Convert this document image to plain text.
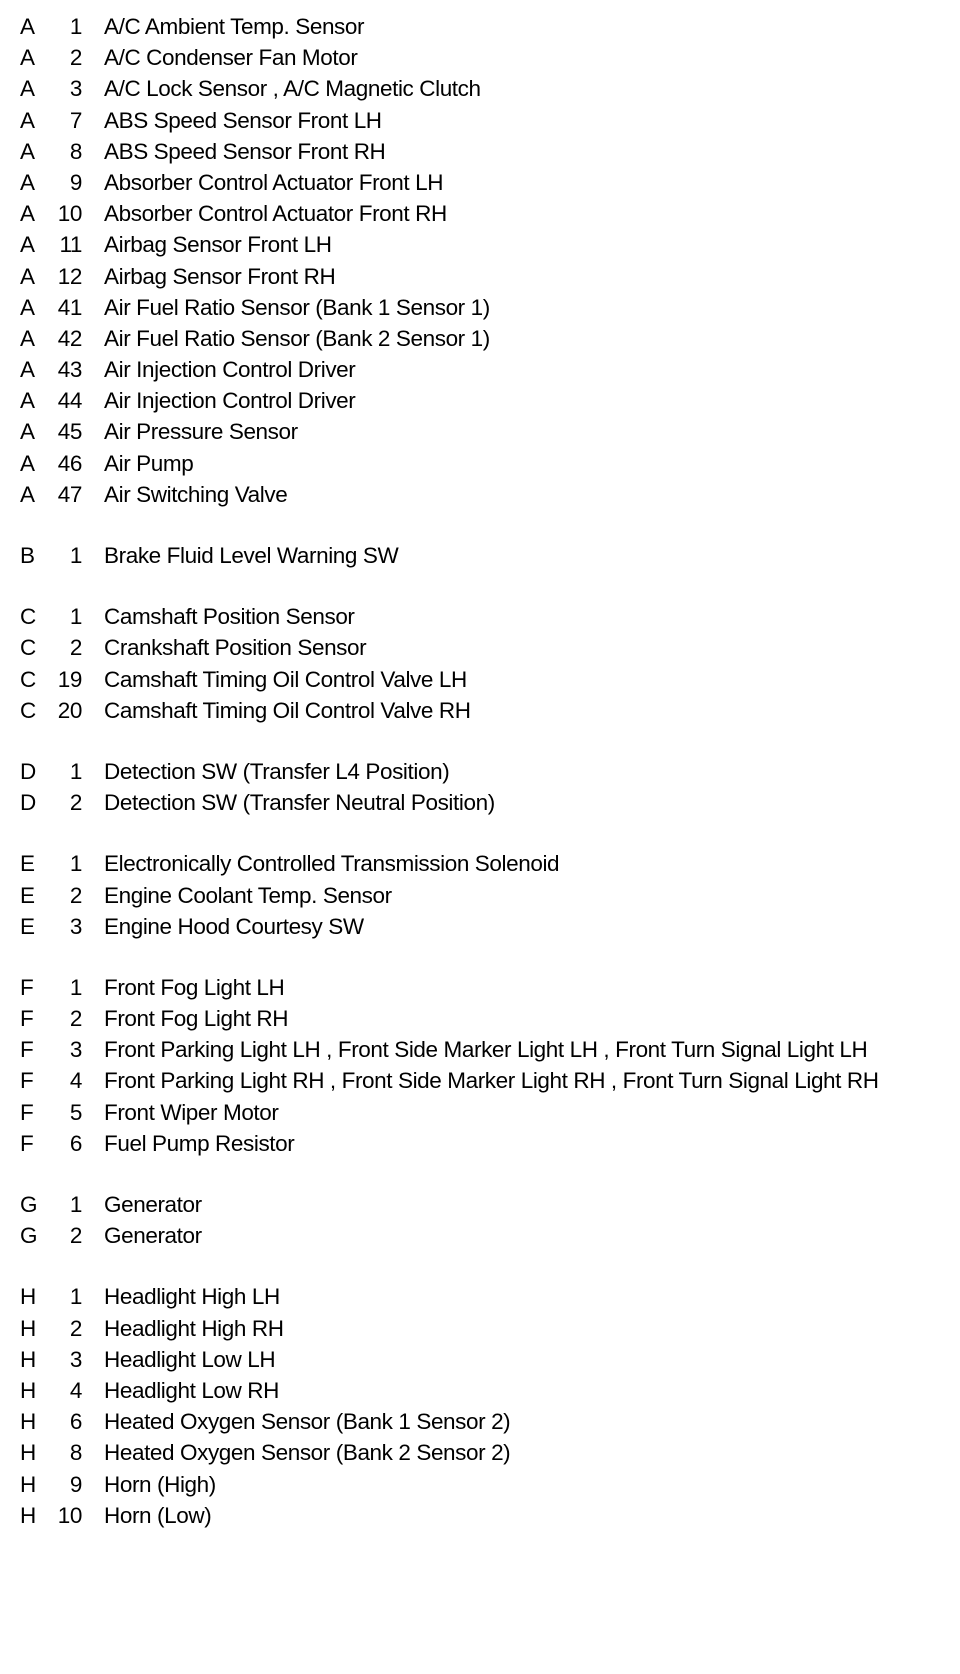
A	1 A/C Ambient Temp. Sensor
A	2 A/C Condenser Fan Motor
A	3 A/C Lock Sensor , A/C Magnetic Clutch
A	7 ABS Speed Sensor Front LH
A	8 ABS Speed Sensor Front RH
A	9 Absorber Control Actuator Front LH
A	10 Absorber Control Actuator Front RH
A	11 Airbag Sensor Front LH
A	12 Airbag Sensor Front RH
A	41 Air Fuel Ratio Sensor (Bank 1 Sensor 1)
A	42 Air Fuel Ratio Sensor (Bank 2 Sensor 1)
A	43 Air Injection Control Driver
A	44 Air Injection Control Driver
A	45 Air Pressure Sensor
A	46 Air Pump
A	47 Air Switching Valve
B	1 Brake Fluid Level Warning SW
C	1 Camshaft Position Sensor
C	2 Crankshaft Position Sensor
C 19 Camshaft Timing Oil Control Valve LH
C 20 Camshaft Timing Oil Control Valve RH
D	1 Detection SW (Transfer L4 Position)
D	2 Detection SW (Transfer Neutral Position)
E	1 Electronically Controlled Transmission Solenoid
E	2 Engine Coolant Temp. Sensor
E	3 Engine Hood Courtesy SW
F	1 Front Fog Light LH
F	2 Front Fog Light RH
F	3 Front Parking Light LH , Front Side Marker Light LH , Front Turn Signal Light LH
F	4 Front Parking Light RH , Front Side Marker Light RH , Front Turn Signal Light RH
F	5 Front Wiper Motor
F	6 Fuel Pump Resistor
G	1 Generator
G	2 Generator
H	1 Headlight High LH
H	2 Headlight High RH
H	3 Headlight Low LH
H	4 Headlight Low RH
H	6 Heated Oxygen Sensor (Bank 1 Sensor 2)
H	8 Heated Oxygen Sensor (Bank 2 Sensor 2)
H	9 Horn (High)
H 10 Horn (Low)
